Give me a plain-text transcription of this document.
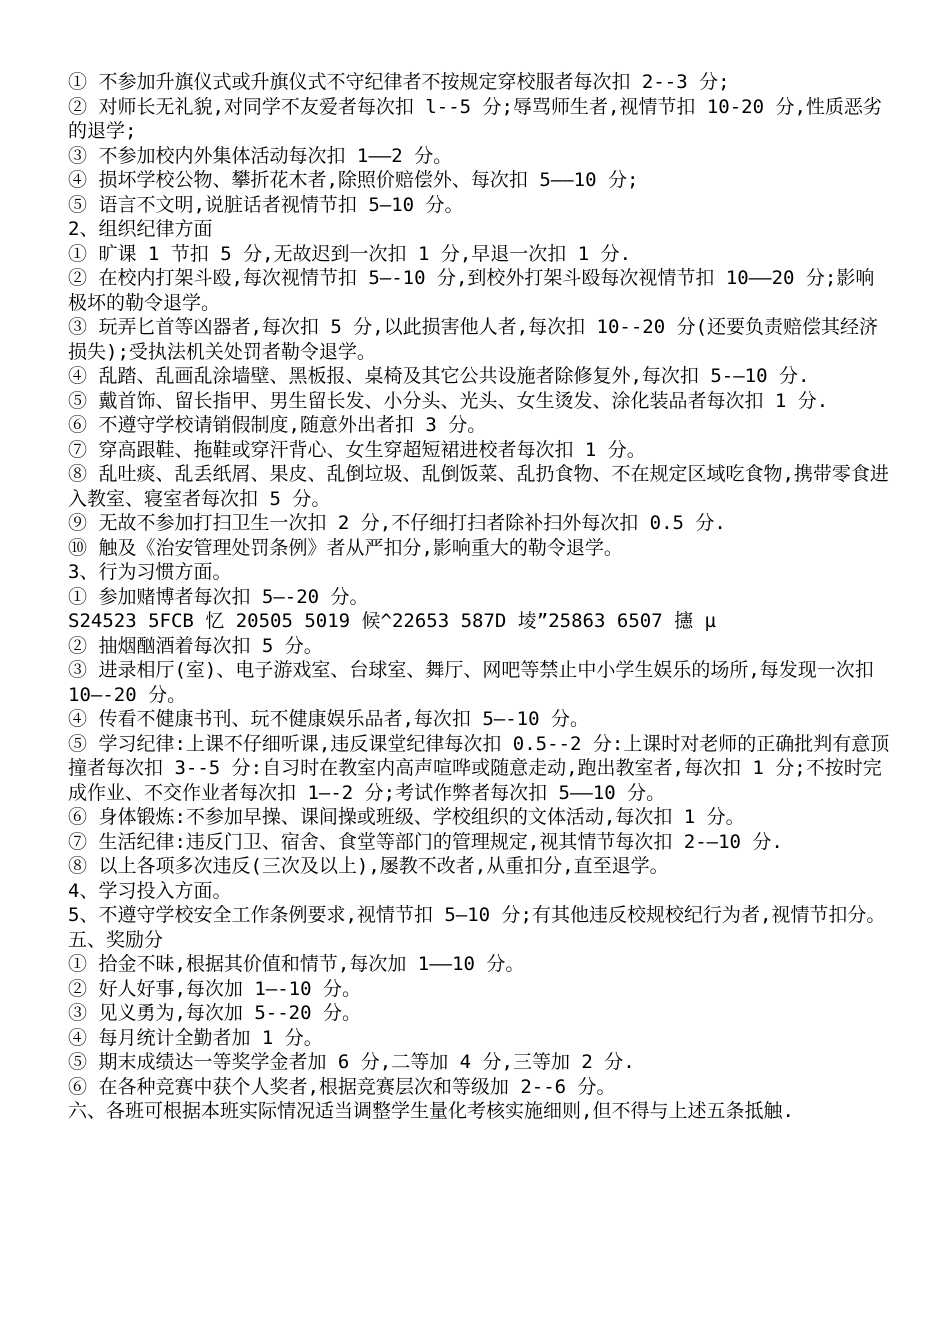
① 不参加升旗仪式或升旗仪式不守纪律者不按规定穿校服者每次扣 2--3 分;
② 对师长无礼貌,对同学不友爱者每次扣 l--5 分;辱骂师生者,视情节扣 10-20 分,性质恶劣的退学;
③ 不参加校内外集体活动每次扣 1——2 分。
④ 损坏学校公物、攀折花木者,除照价赔偿外、每次扣 5——10 分;
⑤ 语言不文明,说脏话者视情节扣 5—10 分。
2、组织纪律方面
① 旷课 1 节扣 5 分,无故迟到一次扣 1 分,早退一次扣 1 分.
② 在校内打架斗殴,每次视情节扣 5—-10 分,到校外打架斗殴每次视情节扣 10——20 分;影响极坏的勒令退学。
③ 玩弄匕首等凶器者,每次扣 5 分,以此损害他人者,每次扣 10--20 分(还要负责赔偿其经济损失);受执法机关处罚者勒令退学。
④ 乱踏、乱画乱涂墙壁、黑板报、桌椅及其它公共设施者除修复外,每次扣 5-—10 分.
⑤ 戴首饰、留长指甲、男生留长发、小分头、光头、女生烫发、涂化装品者每次扣 1 分.
⑥ 不遵守学校请销假制度,随意外出者扣 3 分。
⑦ 穿高跟鞋、拖鞋或穿汗背心、女生穿超短裙进校者每次扣 1 分。
⑧ 乱吐痰、乱丢纸屑、果皮、乱倒垃圾、乱倒饭菜、乱扔食物、不在规定区域吃食物,携带零食进入教室、寝室者每次扣 5 分。
⑨ 无故不参加打扫卫生一次扣 2 分,不仔细打扫者除补扫外每次扣 0.5 分.
⑩ 触及《治安管理处罚条例》者从严扣分,影响重大的勒令退学。
3、行为习惯方面。
① 参加赌博者每次扣 5—-20 分。
S24523 5FCB 忆 20505 5019 候^22653 587D 堎”25863 6507 攇 µ
② 抽烟酗酒着每次扣 5 分。
③ 进录相厅(室)、电子游戏室、台球室、舞厅、网吧等禁止中小学生娱乐的场所,每发现一次扣 10—-20 分。
④ 传看不健康书刊、玩不健康娱乐品者,每次扣 5—-10 分。
⑤ 学习纪律:上课不仔细听课,违反课堂纪律每次扣 0.5--2 分:上课时对老师的正确批判有意顶撞者每次扣 3--5 分:自习时在教室内高声喧哗或随意走动,跑出教室者,每次扣 1 分;不按时完成作业、不交作业者每次扣 1—-2 分;考试作弊者每次扣 5——10 分。
⑥ 身体锻炼:不参加早操、课间操或班级、学校组织的文体活动,每次扣 1 分。
⑦ 生活纪律:违反门卫、宿舍、食堂等部门的管理规定,视其情节每次扣 2-—10 分.
⑧ 以上各项多次违反(三次及以上),屡教不改者,从重扣分,直至退学。
4、学习投入方面。
5、不遵守学校安全工作条例要求,视情节扣 5—10 分;有其他违反校规校纪行为者,视情节扣分。
五、奖励分
① 拾金不昧,根据其价值和情节,每次加 1——10 分。
② 好人好事,每次加 1—-10 分。
③ 见义勇为,每次加 5--20 分。
④ 每月统计全勤者加 1 分。
⑤ 期末成绩达一等奖学金者加 6 分,二等加 4 分,三等加 2 分.
⑥ 在各种竞赛中获个人奖者,根据竞赛层次和等级加 2--6 分。
六、各班可根据本班实际情况适当调整学生量化考核实施细则,但不得与上述五条抵触.
